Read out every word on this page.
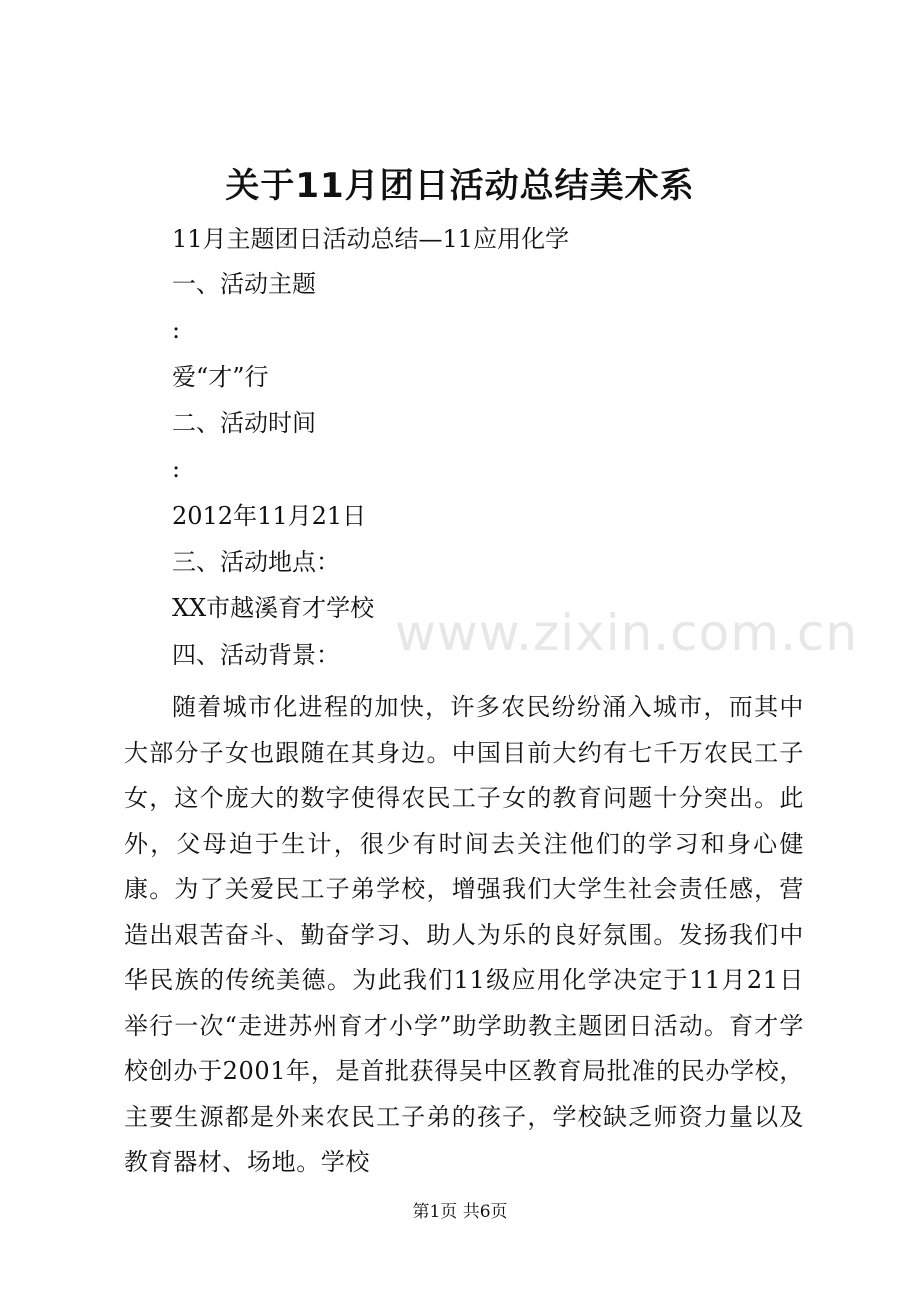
关于11月团日活动总结美术系
11月主题团日活动总结—11应用化学
一、活动主题
:
爱“才”行
二、活动时间
:
2012年11月21日
三、活动地点：
XX市越溪育才学校
四、活动背景：

随着城市化进程的加快，许多农民纷纷涌入城市，而其中大部分子女也跟随在其身边。中国目前大约有七千万农民工子女，这个庞大的数字使得农民工子女的教育问题十分突出。此外，父母迫于生计，很少有时间去关注他们的学习和身心健康。为了关爱民工子弟学校，增强我们大学生社会责任感，营造出艰苦奋斗、勤奋学习、助人为乐的良好氛围。发扬我们中华民族的传统美德。为此我们11级应用化学决定于11月21日举行一次“走进苏州育才小学”助学助教主题团日活动。育才学校创办于2001年，是首批获得吴中区教育局批准的民办学校，主要生源都是外来农民工子弟的孩子，学校缺乏师资力量以及教育器材、场地。学校

www.zixin.com.cn
第1页 共6页
